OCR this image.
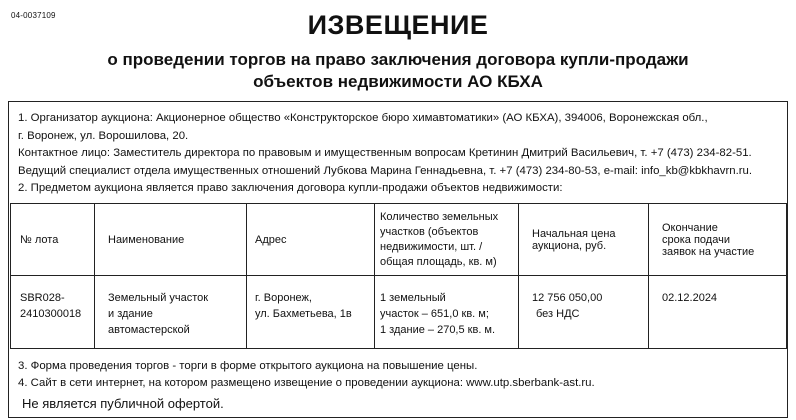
04-0037109	ИЗВЕЩЕНИЕ
о проведении торгов на право заключения договора купли-продажи
объектов недвижимости АО КБХА

1. Организатор аукциона: Акционерное общество «Конструкторское бюро химавтоматики» (АО КБХА), 394006, Воронежская обл.,

г. Воронеж, ул. Ворошилова, 20.

Контактное лицо: Заместитель директора по правовым и имущественным вопросам Кретинин Дмитрий Васильевич, т. +7 (473) 234-82-51.

Ведущий специалист отдела имущественных отношений Лубкова Марина Геннадьевна, т. +7 (473) 234-80-53, e-mail: info_kb@kbkhavrn.ru.

2. Предметом аукциона является право заключения договора купли-продажи объектов недвижимости:

№ лота	Наименование	Адрес	Количество земельных
участков (объектов
недвижимости, шт. /
общая площадь, кв. м)	Начальная цена
аукциона, руб.	Окончание
срока подачи
заявок на участие

SBR028-
2410300018	Земельный участок
и здание
автомастерской	г. Воронеж,
ул. Бахметьева, 1в	1 земельный
участок – 651,0 кв. м;
1 здание – 270,5 кв. м.	12 756 050,00
без НДС	02.12.2024

3. Форма проведения торгов - торги в форме открытого аукциона на повышение цены.

4. Сайт в сети интернет, на котором размещено извещение о проведении аукциона: www.utp.sberbank-ast.ru.

Не является публичной офертой.
